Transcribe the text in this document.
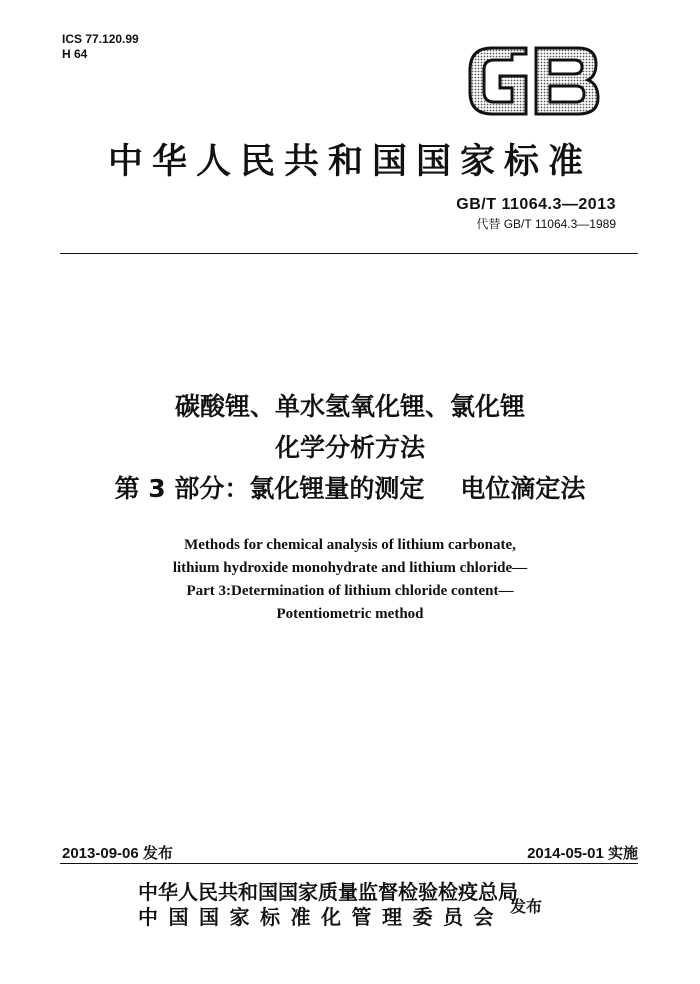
ICS 77.120.99
H 64
中华人民共和国国家标准
GB/T 11064.3—2013
代替 GB/T 11064.3—1989
碳酸锂、单水氢氧化锂、氯化锂
化学分析方法
第 3 部分：氯化锂量的测定 电位滴定法
Methods for chemical analysis of lithium carbonate,
lithium hydroxide monohydrate and lithium chloride—
Part 3:Determination of lithium chloride content—
Potentiometric method
2013-09-06 发布	2014-05-01 实施
中华人民共和国国家质量监督检验检疫总局
中国国家标准化管理委员会 发布
